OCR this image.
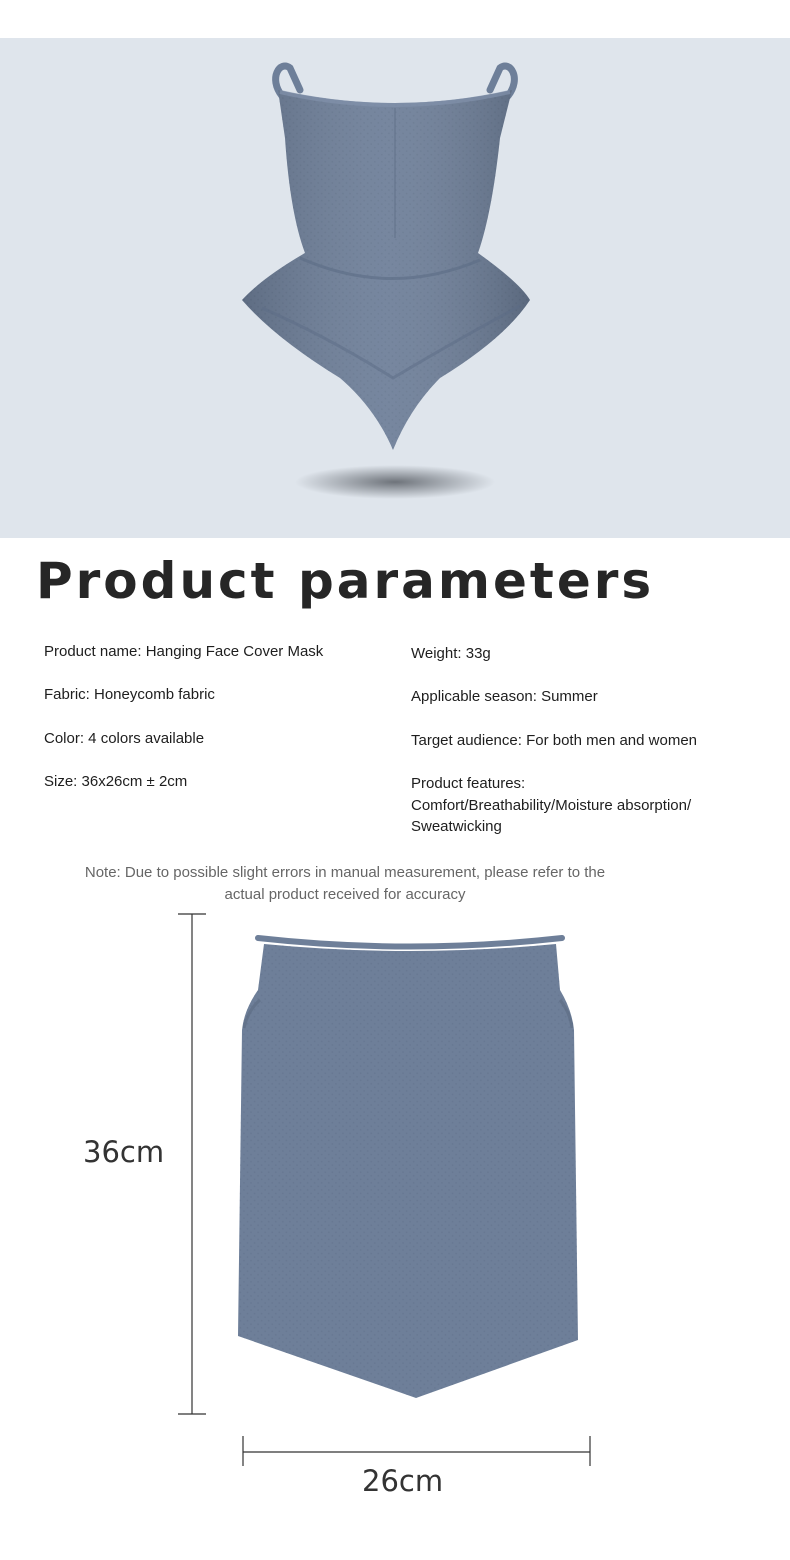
Product parameters
Product name: Hanging Face Cover Mask
Fabric: Honeycomb fabric
Color: 4 colors available
Size: 36x26cm ± 2cm
Weight: 33g
Applicable season: Summer
Target audience: For both men and women
Product features:
Comfort/Breathability/Moisture absorption/
Sweatwicking
Note: Due to possible slight errors in manual measurement, please refer to the
actual product received for accuracy
36cm
26cm
